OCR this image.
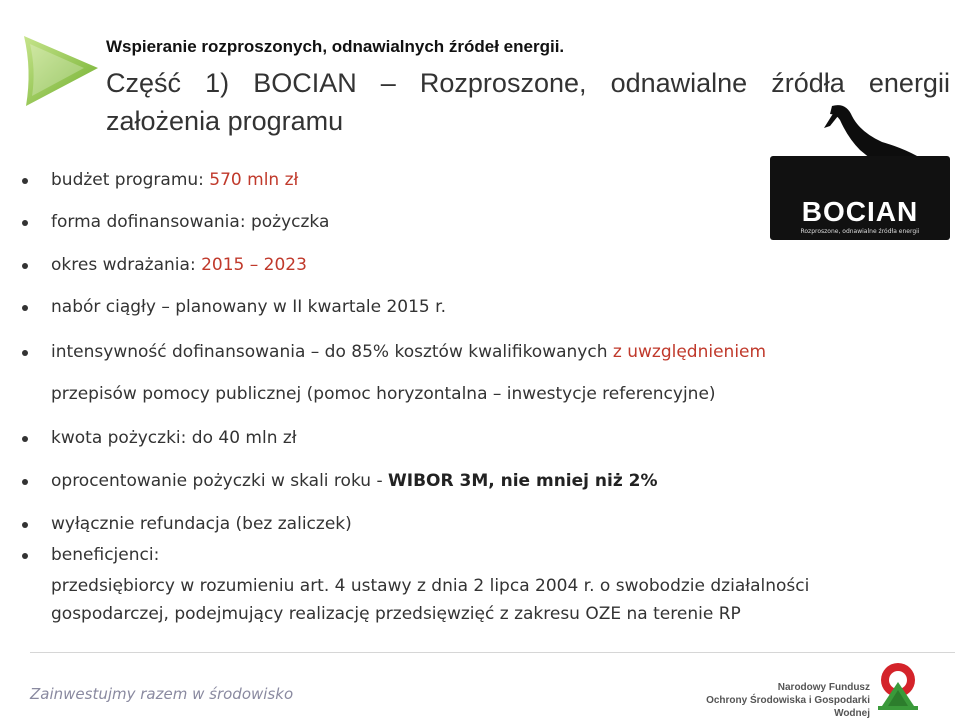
Wspieranie rozproszonych, odnawialnych źródeł energii.
Część 1) BOCIAN – Rozproszone, odnawialne źródła energii
założenia programu
BOCIAN
Rozproszone, odnawialne źródła energii
budżet programu: 570 mln zł
forma dofinansowania: pożyczka
okres wdrażania: 2015 – 2023
nabór ciągły – planowany w II kwartale 2015 r.
intensywność dofinansowania – do 85% kosztów kwalifikowanych z uwzględnieniem
przepisów pomocy publicznej (pomoc horyzontalna – inwestycje referencyjne)
kwota pożyczki: do 40 mln zł
oprocentowanie pożyczki w skali roku - WIBOR 3M, nie mniej niż 2%
wyłącznie refundacja (bez zaliczek)
beneficjenci:
przedsiębiorcy w rozumieniu art. 4 ustawy z dnia 2 lipca 2004 r. o swobodzie działalności
gospodarczej, podejmujący realizację przedsięwzięć z zakresu OZE na terenie RP
Zainwestujmy razem w środowisko	Narodowy Fundusz
Ochrony Środowiska i Gospodarki Wodnej
